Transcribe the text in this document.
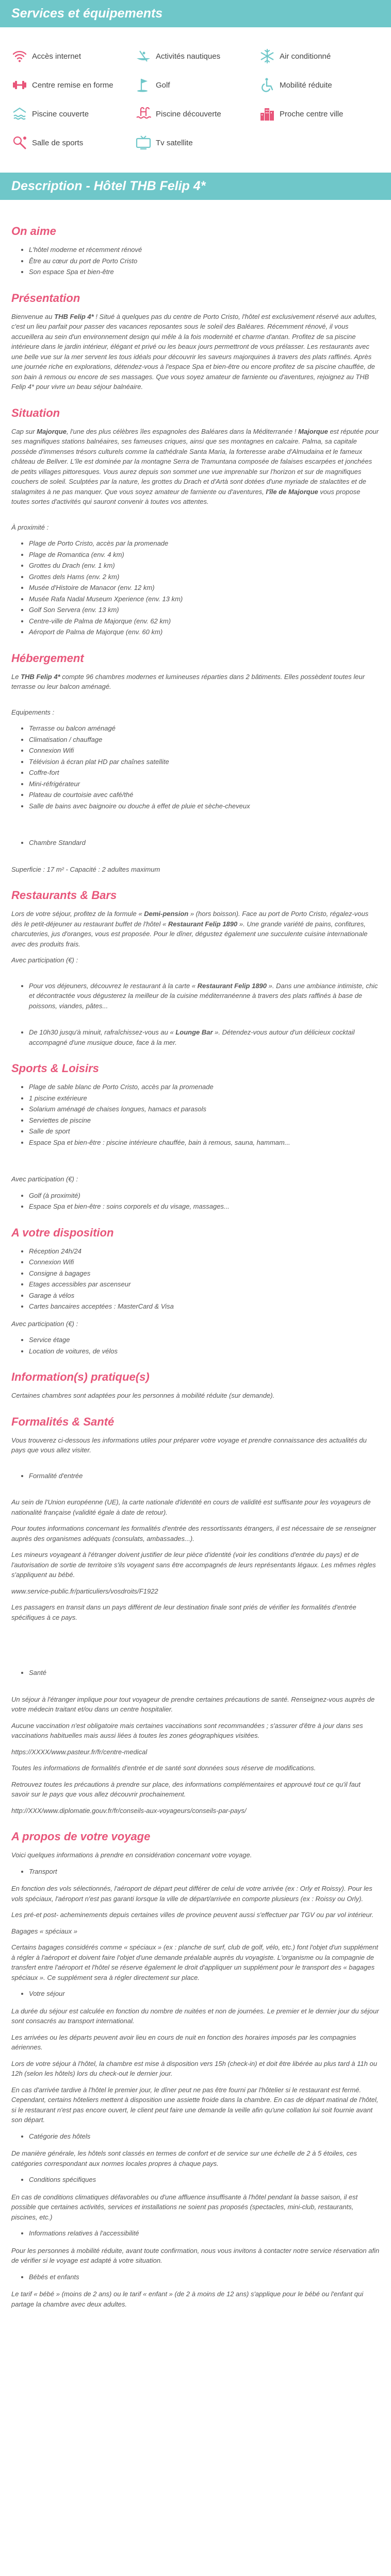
Services et équipements
Accès internet	Activités nautiques	Air conditionné
Centre remise en forme	Golf	Mobilité réduite
Piscine couverte	Piscine découverte	Proche centre ville
Salle de sports	Tv satellite
Description - Hôtel THB Felip 4*
On aime
• L'hôtel moderne et récemment rénové
• Être au cœur du port de Porto Cristo
• Son espace Spa et bien-être
Présentation

Bienvenue au THB Felip 4* ! Situé à quelques pas du centre de Porto Cristo, l'hôtel est exclusivement réservé aux adultes, c'est un lieu parfait pour passer des vacances reposantes sous le soleil des Baléares. Récemment rénové, il vous accueillera au sein d'un environnement design qui mêle à la fois modernité et charme d'antan. Profitez de sa piscine intérieure dans le jardin intérieur, élégant et privé ou les beaux jours permettront de vous prélasser. Les restaurants avec une belle vue sur la mer servent les tous idéals pour découvrir les saveurs majorquines à travers des plats raffinés. Après une journée riche en explorations, détendez-vous à l'espace Spa et bien-être ou encore profitez de sa piscine chauffée, de son bain à remous ou encore de ses massages. Que vous soyez amateur de farniente ou d'aventures, rejoignez au THB Felip 4* pour vivre un beau séjour balnéaire.

Situation

Cap sur Majorque, l'une des plus célèbres îles espagnoles des Baléares dans la Méditerranée ! Majorque est réputée pour ses magnifiques stations balnéaires, ses fameuses criques, ainsi que ses montagnes en calcaire. Palma, sa capitale possède d'immenses trésors culturels comme la cathédrale Santa Maria, la forteresse arabe d'Almudaina et le fameux château de Bellver. L'île est dominée par la montagne Serra de Tramuntana composée de falaises escarpées et jonchées de petits villages pittoresques. Vous aurez depuis son sommet une vue imprenable sur l'horizon et sur de magnifiques couchers de soleil. Sculptées par la nature, les grottes du Drach et d'Artà sont dotées d'une myriade de stalactites et de stalagmites à ne pas manquer. Que vous soyez amateur de farniente ou d'aventures, l'île de Majorque vous propose toutes sortes d'activités qui sauront convenir à toutes vos attentes.

À proximité :

• Plage de Porto Cristo, accès par la promenade
• Plage de Romantica (env. 4 km)
• Grottes du Drach (env. 1 km)
• Grottes dels Hams (env. 2 km)
• Musée d'Histoire de Manacor (env. 12 km)
• Musée Rafa Nadal Museum Xperience (env. 13 km)
• Golf Son Servera (env. 13 km)
• Centre-ville de Palma de Majorque (env. 62 km)
• Aéroport de Palma de Majorque (env. 60 km)
Hébergement

Le THB Felip 4* compte 96 chambres modernes et lumineuses réparties dans 2 bâtiments. Elles possèdent toutes leur terrasse ou leur balcon aménagé.

Equipements :

• Terrasse ou balcon aménagé
• Climatisation / chauffage
• Connexion Wifi
• Télévision à écran plat HD par chaînes satellite
• Coffre-fort
• Mini-réfrigérateur
• Plateau de courtoisie avec café/thé
• Salle de bains avec baignoire ou douche à effet de pluie et sèche-cheveux
• Chambre Standard

Superficie : 17 m² - Capacité : 2 adultes maximum

Restaurants & Bars

Lors de votre séjour, profitez de la formule « Demi-pension » (hors boisson). Face au port de Porto Cristo, régalez-vous dès le petit-déjeuner au restaurant buffet de l'hôtel « Restaurant Felip 1890 ». Une grande variété de pains, confitures, charcuteries, jus d'oranges, vous est proposée. Pour le dîner, dégustez également une succulente cuisine internationale avec des produits frais.

Avec participation (€) :

• Pour vos déjeuners, découvrez le restaurant à la carte « Restaurant Felip 1890 ». Dans une ambiance intimiste, chic et décontractée vous dégusterez la meilleur de la cuisine méditerranéenne à travers des plats raffinés à base de poissons, viandes, pâtes...
• De 10h30 jusqu'à minuit, rafraîchissez-vous au « Lounge Bar ». Détendez-vous autour d'un délicieux cocktail accompagné d'une musique douce, face à la mer.
Sports & Loisirs
• Plage de sable blanc de Porto Cristo, accès par la promenade
• 1 piscine extérieure
• Solarium aménagé de chaises longues, hamacs et parasols
• Serviettes de piscine
• Salle de sport
• Espace Spa et bien-être : piscine intérieure chauffée, bain à remous, sauna, hammam...

Avec participation (€) :

• Golf (à proximité)
• Espace Spa et bien-être : soins corporels et du visage, massages...
A votre disposition
• Réception 24h/24
• Connexion Wifi
• Consigne à bagages
• Etages accessibles par ascenseur
• Garage à vélos
• Cartes bancaires acceptées : MasterCard & Visa

Avec participation (€) :

• Service étage
• Location de voitures, de vélos
Information(s) pratique(s)

Certaines chambres sont adaptées pour les personnes à mobilité réduite (sur demande).

Formalités & Santé

Vous trouverez ci-dessous les informations utiles pour préparer votre voyage et prendre connaissance des actualités du pays que vous allez visiter.

• Formalité d'entrée

Au sein de l'Union européenne (UE), la carte nationale d'identité en cours de validité est suffisante pour les voyageurs de nationalité française (validité égale à date de retour).

Pour toutes informations concernant les formalités d'entrée des ressortissants étrangers, il est nécessaire de se renseigner auprès des organismes adéquats (consulats, ambassades...).

Les mineurs voyageant à l'étranger doivent justifier de leur pièce d'identité (voir les conditions d'entrée du pays) et de l'autorisation de sortie de territoire s'ils voyagent sans être accompagnés de leurs représentants légaux. Les mêmes règles s'appliquent au bébé.

www.service-public.fr/particuliers/vosdroits/F1922

Les passagers en transit dans un pays différent de leur destination finale sont priés de vérifier les formalités d'entrée spécifiques à ce pays.

• Santé

Un séjour à l'étranger implique pour tout voyageur de prendre certaines précautions de santé. Renseignez-vous auprès de votre médecin traitant et/ou dans un centre hospitalier.

Aucune vaccination n'est obligatoire mais certaines vaccinations sont recommandées ; s'assurer d'être à jour dans ses vaccinations habituelles mais aussi liées à toutes les zones géographiques visitées.

https://XXXX/www.pasteur.fr/fr/centre-medical

Toutes les informations de formalités d'entrée et de santé sont données sous réserve de modifications.

Retrouvez toutes les précautions à prendre sur place, des informations complémentaires et approuvé tout ce qu'il faut savoir sur le pays que vous allez découvrir prochainement.

http://XXX/www.diplomatie.gouv.fr/fr/conseils-aux-voyageurs/conseils-par-pays/

A propos de votre voyage

Voici quelques informations à prendre en considération concernant votre voyage.

• Transport

En fonction des vols sélectionnés, l'aéroport de départ peut différer de celui de votre arrivée (ex : Orly et Roissy). Pour les vols spéciaux, l'aéroport n'est pas garanti lorsque la ville de départ/arrivée en comporte plusieurs (ex : Roissy ou Orly).

Les pré-et post- acheminements depuis certaines villes de province peuvent aussi s'effectuer par TGV ou par vol intérieur.

Bagages « spéciaux »

Certains bagages considérés comme « spéciaux » (ex : planche de surf, club de golf, vélo, etc.) font l'objet d'un supplément à régler à l'aéroport et doivent faire l'objet d'une demande préalable auprès du voyagiste. L'organisme ou la compagnie de transfert entre l'aéroport et l'hôtel se réserve également le droit d'appliquer un supplément pour le transport des « bagages spéciaux ». Ce supplément sera à régler directement sur place.

• Votre séjour

La durée du séjour est calculée en fonction du nombre de nuitées et non de journées. Le premier et le dernier jour du séjour sont consacrés au transport international.

Les arrivées ou les départs peuvent avoir lieu en cours de nuit en fonction des horaires imposés par les compagnies aériennes.

Lors de votre séjour à l'hôtel, la chambre est mise à disposition vers 15h (check-in) et doit être libérée au plus tard à 11h ou 12h (selon les hôtels) lors du check-out le dernier jour.

En cas d'arrivée tardive à l'hôtel le premier jour, le dîner peut ne pas être fourni par l'hôtelier si le restaurant est fermé. Cependant, certains hôteliers mettent à disposition une assiette froide dans la chambre. En cas de départ matinal de l'hôtel, si le restaurant n'est pas encore ouvert, le client peut faire une demande la veille afin qu'une collation lui soit fournie avant son départ.

• Catégorie des hôtels

De manière générale, les hôtels sont classés en termes de confort et de service sur une échelle de 2 à 5 étoiles, ces catégories correspondant aux normes locales propres à chaque pays.

• Conditions spécifiques

En cas de conditions climatiques défavorables ou d'une affluence insuffisante à l'hôtel pendant la basse saison, il est possible que certaines activités, services et installations ne soient pas proposés (spectacles, mini-club, restaurants, piscines, etc.)

• Informations relatives à l'accessibilité

Pour les personnes à mobilité réduite, avant toute confirmation, nous vous invitons à contacter notre service réservation afin de vérifier si le voyage est adapté à votre situation.

• Bébés et enfants

Le tarif « bébé » (moins de 2 ans) ou le tarif « enfant » (de 2 à moins de 12 ans) s'applique pour le bébé ou l'enfant qui partage la chambre avec deux adultes.
